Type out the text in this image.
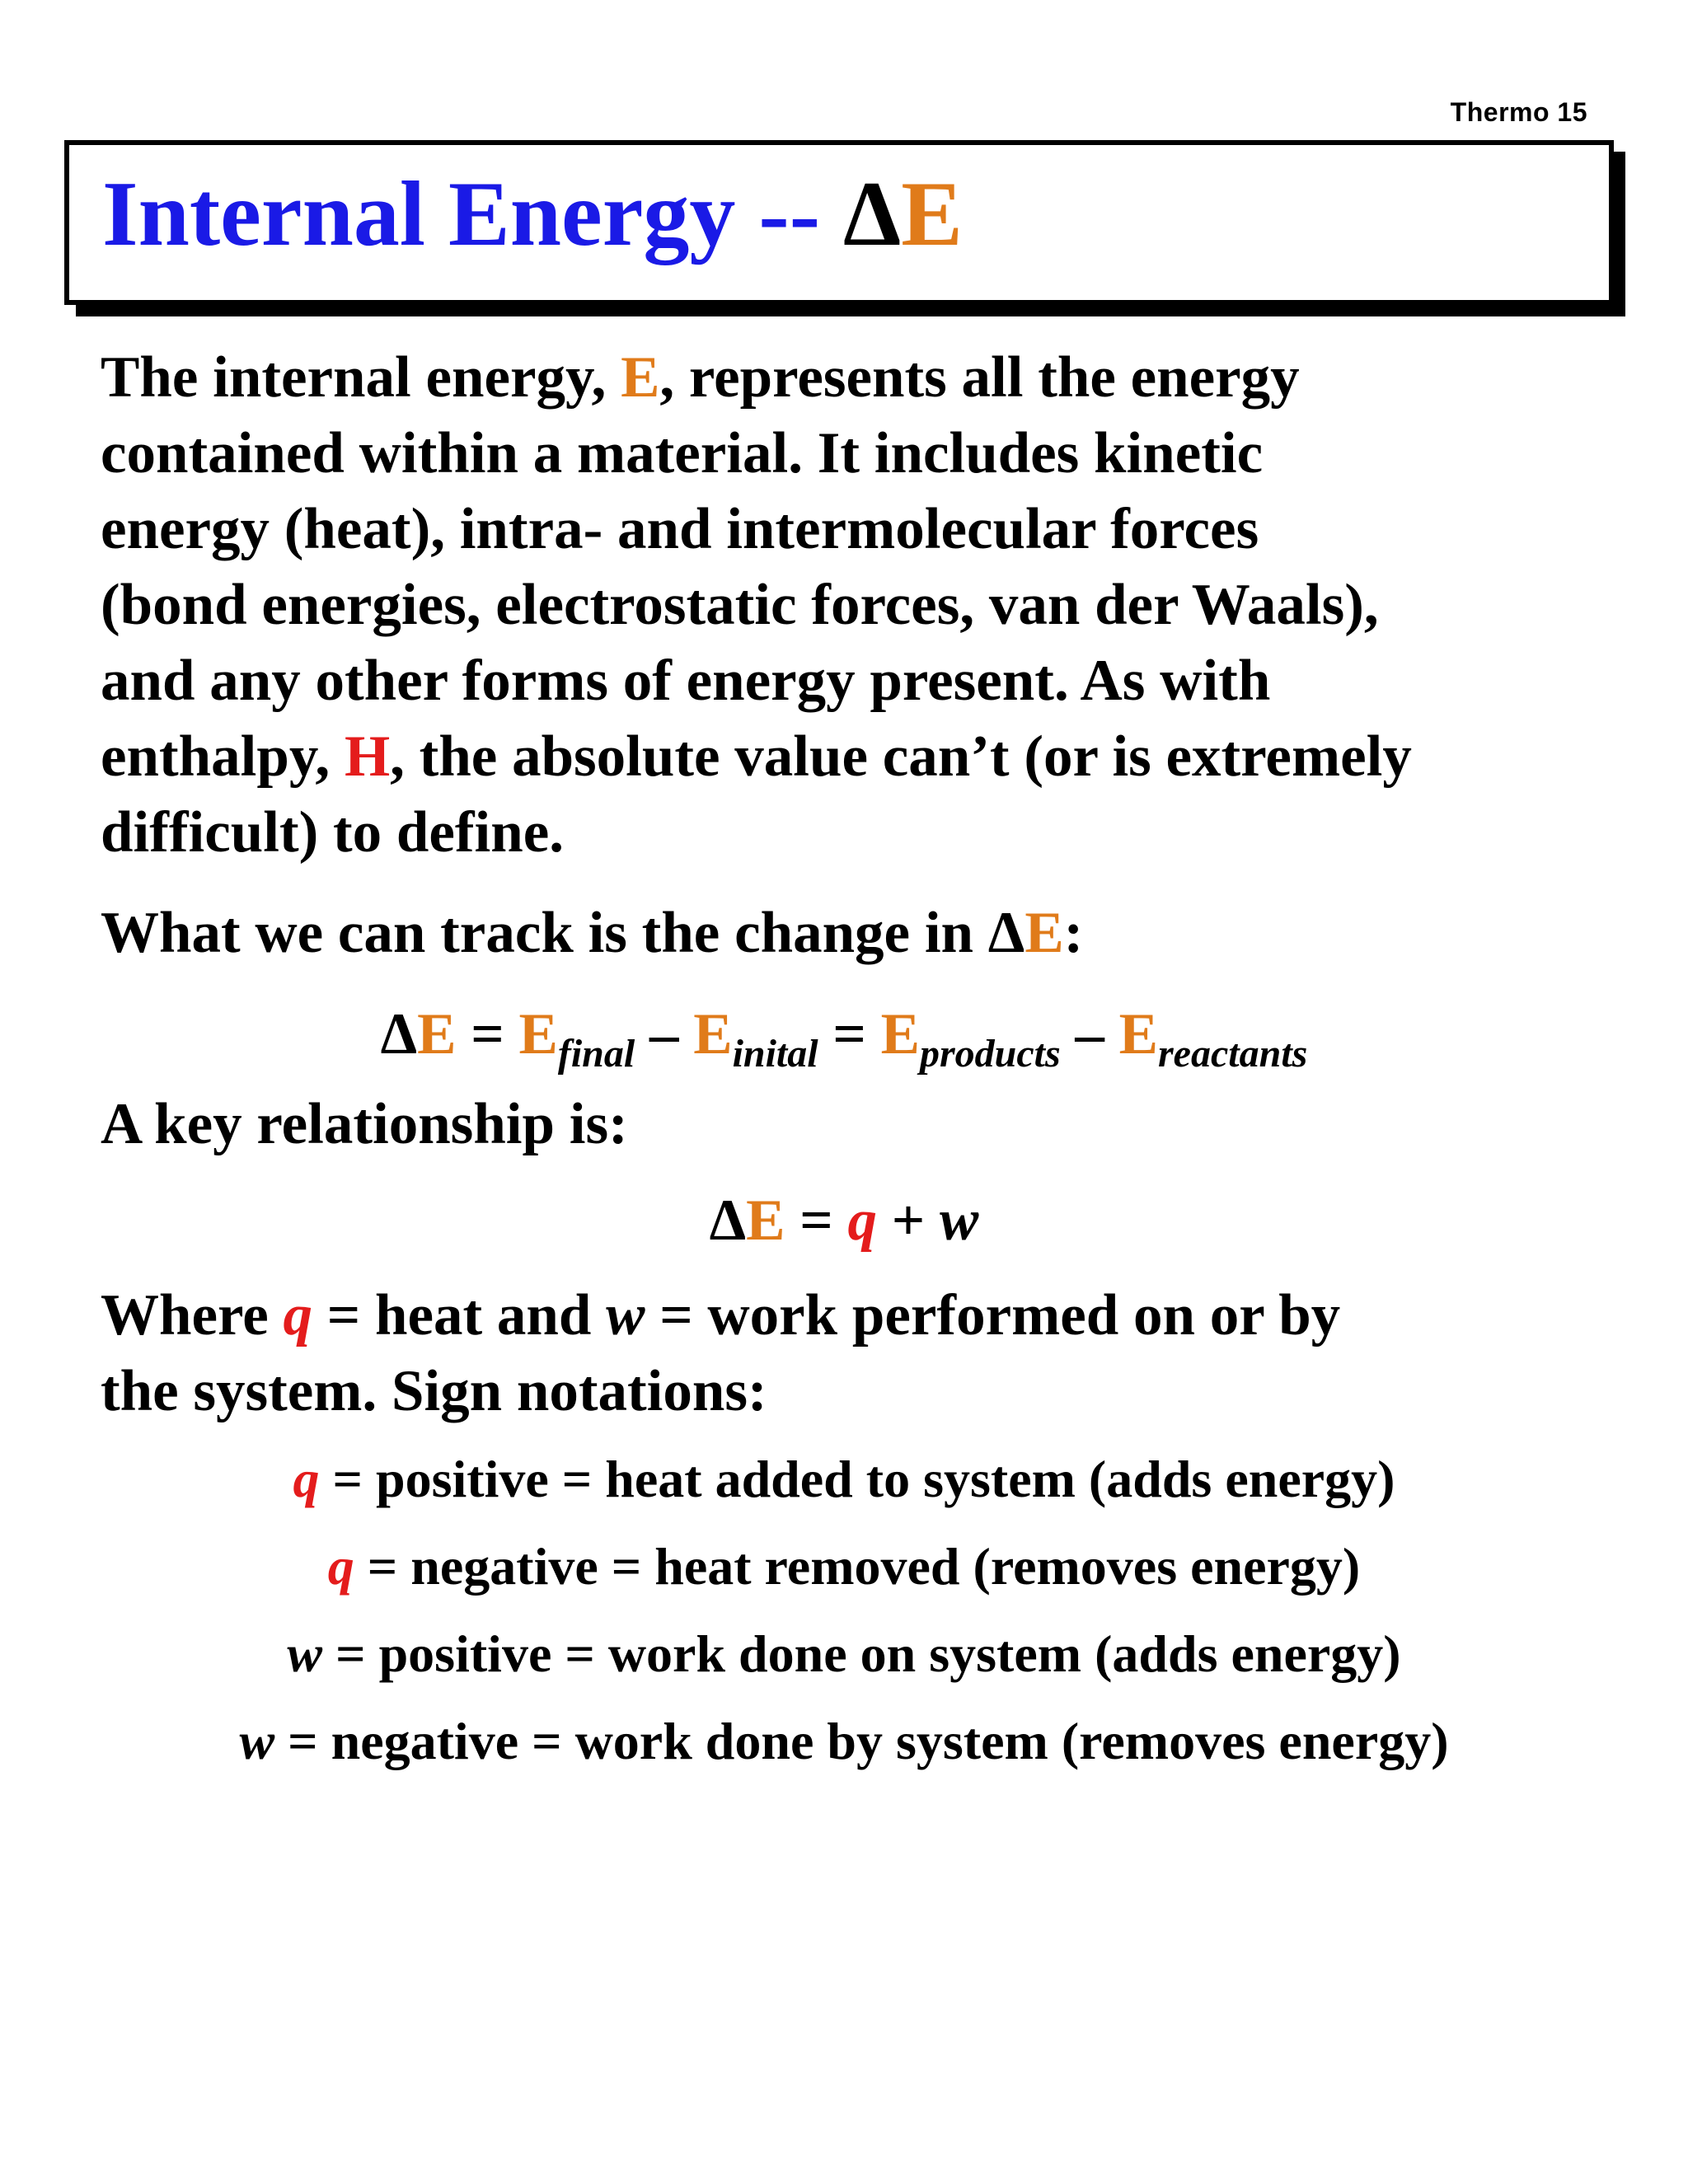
Thermo 15
Internal Energy -- ΔE

The internal energy, E, represents all the energy
contained within a material. It includes kinetic
energy (heat), intra- and intermolecular forces
(bond energies, electrostatic forces, van der Waals),
and any other forms of energy present. As with
enthalpy, H, the absolute value can’t (or is extremely
difficult) to define.

What we can track is the change in ΔE:

$\Delta E = E_{final} - E_{inital} = E_{products} - E_{reactants}$

A key relationship is:

ΔE = q + w

Where q = heat and w = work performed on or by
the system. Sign notations:

q = positive = heat added to system (adds energy)

q = negative = heat removed (removes energy)

w = positive = work done on system (adds energy)

w = negative = work done by system (removes energy)
